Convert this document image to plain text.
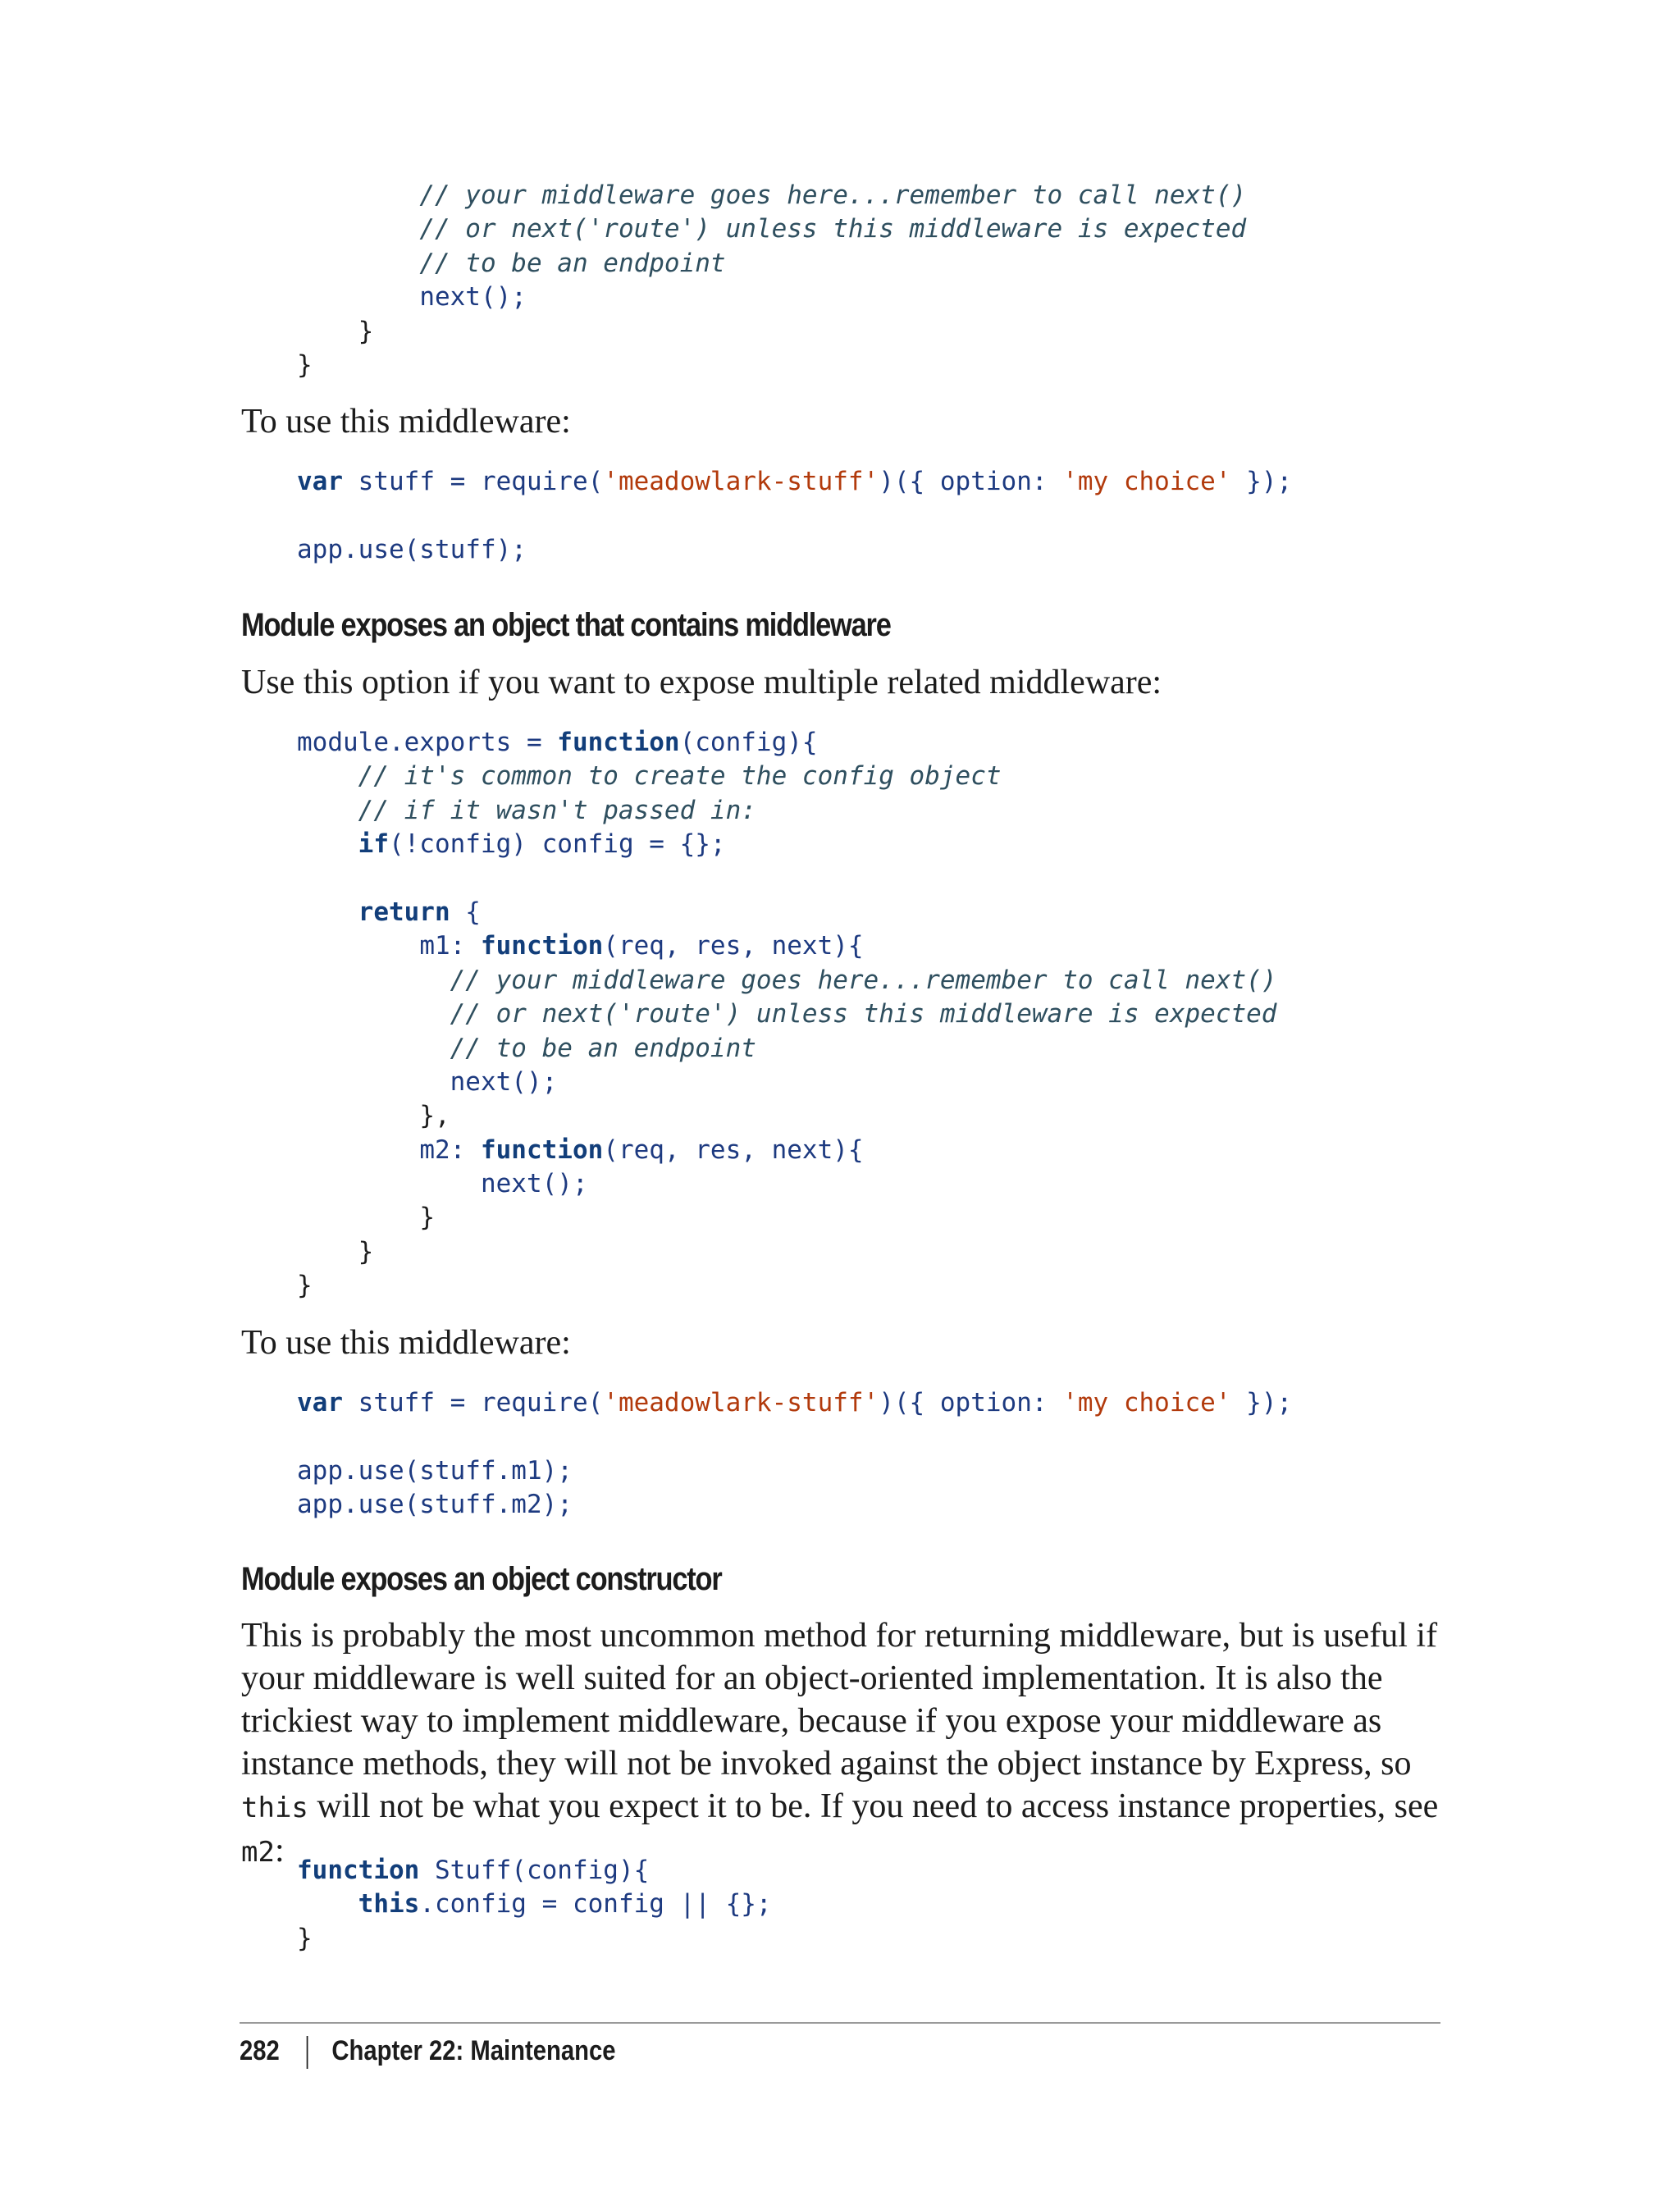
// your middleware goes here...remember to call next()
// or next('route') unless this middleware is expected
// to be an endpoint
next();
}
}

To use this middleware:

var stuff = require('meadowlark-stuff')({ option: 'my choice' });

app.use(stuff);
Module exposes an object that contains middleware

Use this option if you want to expose multiple related middleware:

module.exports = function(config){
// it's common to create the config object
// if it wasn't passed in:
if(!config) config = {};

return {
m1: function(req, res, next){
// your middleware goes here...remember to call next()
// or next('route') unless this middleware is expected
// to be an endpoint
next();
},
m2: function(req, res, next){
next();
}
}
}

To use this middleware:

var stuff = require('meadowlark-stuff')({ option: 'my choice' });

app.use(stuff.m1);
app.use(stuff.m2);
Module exposes an object constructor

This is probably the most uncommon method for returning middleware, but is useful if your middleware is well suited for an object-oriented implementation. It is also the trickiest way to implement middleware, because if you expose your middleware as instance methods, they will not be invoked against the object instance by Express, so this will not be what you expect it to be. If you need to access instance properties, see m2:

function Stuff(config){
this.config = config || {};
}
282 Chapter 22: Maintenance
